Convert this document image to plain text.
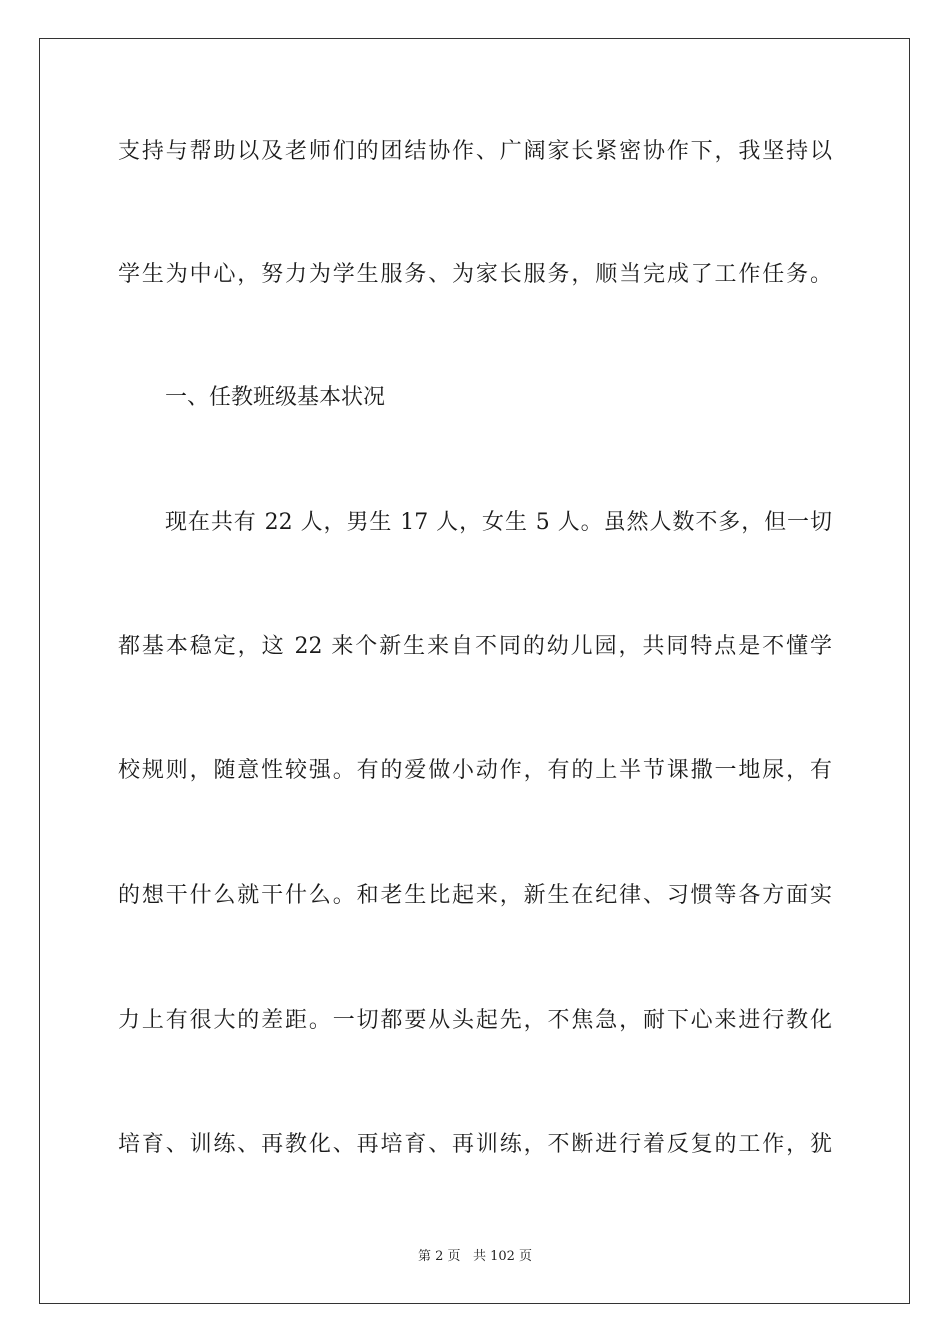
支持与帮助以及老师们的团结协作、广阔家长紧密协作下，我坚持以
学生为中心，努力为学生服务、为家长服务，顺当完成了工作任务。
一、任教班级基本状况
现在共有 22 人，男生 17 人，女生 5 人。虽然人数不多，但一切
都基本稳定，这 22 来个新生来自不同的幼儿园，共同特点是不懂学
校规则，随意性较强。有的爱做小动作，有的上半节课撒一地尿，有
的想干什么就干什么。和老生比起来，新生在纪律、习惯等各方面实
力上有很大的差距。一切都要从头起先，不焦急，耐下心来进行教化
培育、训练、再教化、再培育、再训练，不断进行着反复的工作，犹
第 2 页 共 102 页
